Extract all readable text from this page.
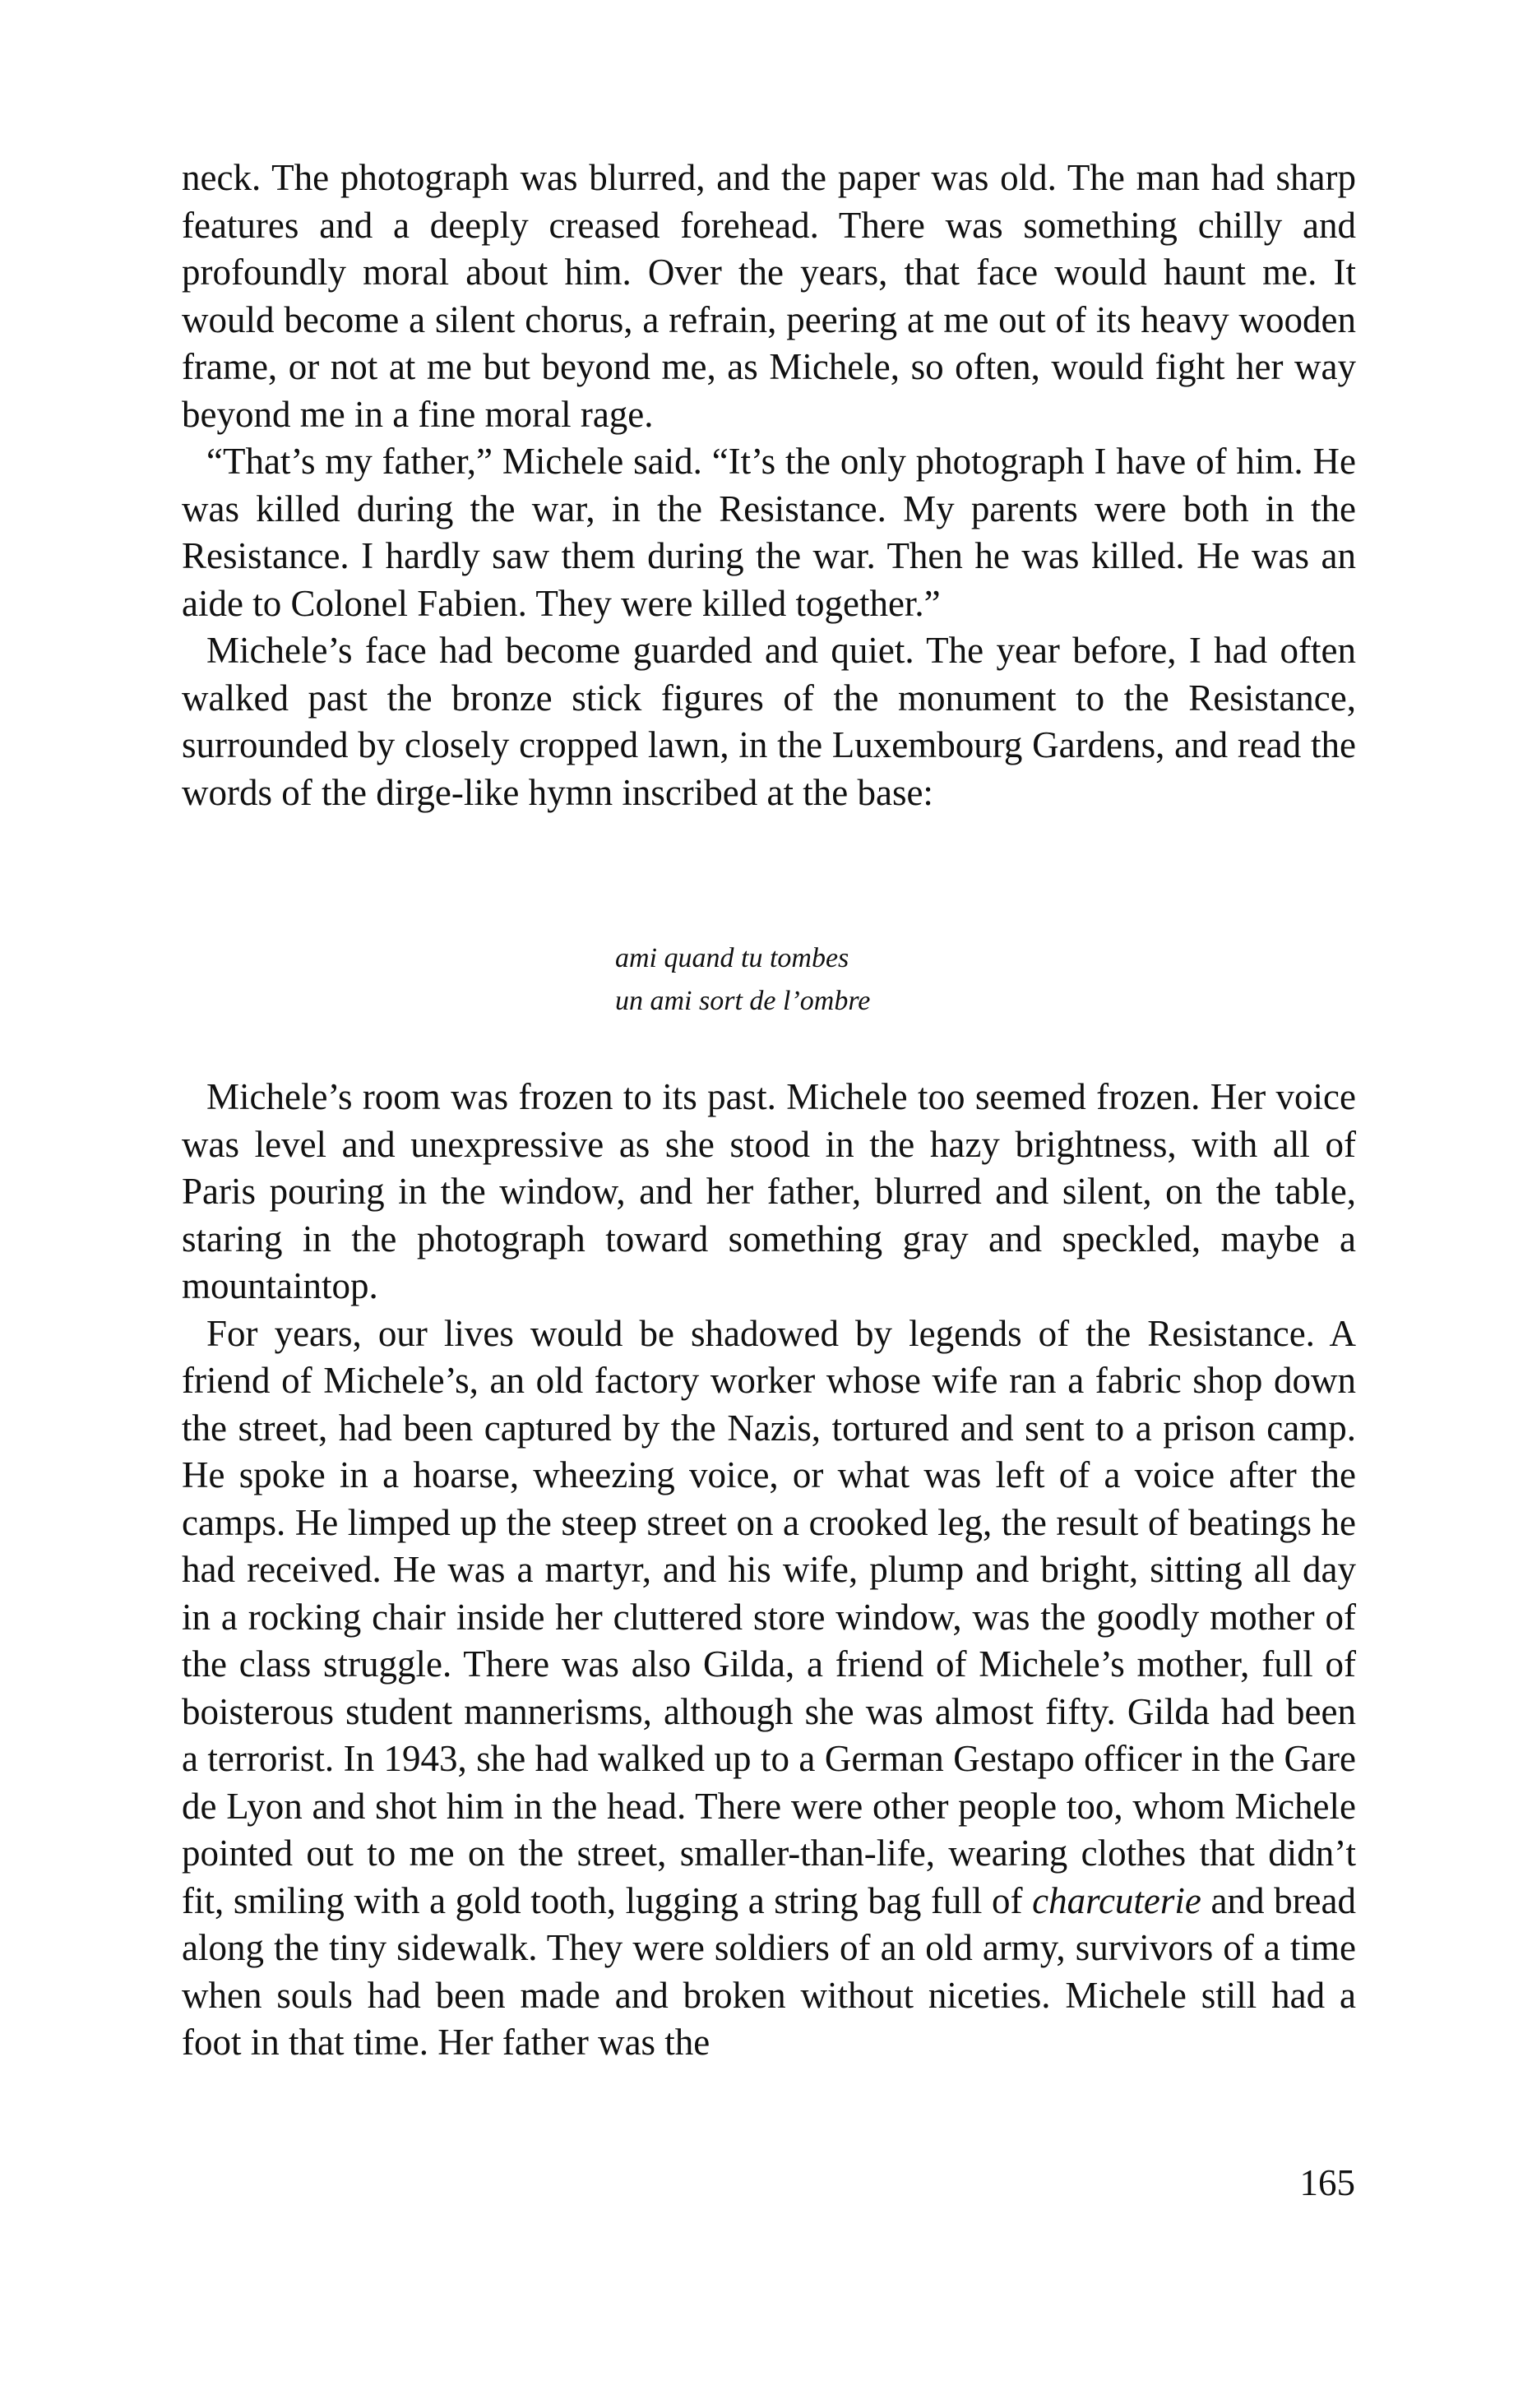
neck. The photograph was blurred, and the paper was old. The man had sharp features and a deeply creased forehead. There was something chilly and profoundly moral about him. Over the years, that face would haunt me. It would become a silent chorus, a refrain, peering at me out of its heavy wooden frame, or not at me but beyond me, as Michele, so often, would fight her way beyond me in a fine moral rage.

“That’s my father,” Michele said. “It’s the only photograph I have of him. He was killed during the war, in the Resistance. My parents were both in the Resistance. I hardly saw them during the war. Then he was killed. He was an aide to Colonel Fabien. They were killed together.”

Michele’s face had become guarded and quiet. The year before, I had often walked past the bronze stick figures of the monument to the Resistance, surrounded by closely cropped lawn, in the Luxembourg Gardens, and read the words of the dirge-like hymn inscribed at the base:

ami quand tu tombes
un ami sort de l’ombre

Michele’s room was frozen to its past. Michele too seemed frozen. Her voice was level and unexpressive as she stood in the hazy brightness, with all of Paris pouring in the window, and her father, blurred and silent, on the table, staring in the photograph toward something gray and speckled, maybe a mountaintop.

For years, our lives would be shadowed by legends of the Resistance. A friend of Michele’s, an old factory worker whose wife ran a fabric shop down the street, had been captured by the Nazis, tortured and sent to a prison camp. He spoke in a hoarse, wheezing voice, or what was left of a voice after the camps. He limped up the steep street on a crooked leg, the result of beatings he had received. He was a martyr, and his wife, plump and bright, sitting all day in a rocking chair inside her cluttered store window, was the goodly mother of the class struggle. There was also Gilda, a friend of Michele’s mother, full of boisterous student mannerisms, although she was almost fifty. Gilda had been a terrorist. In 1943, she had walked up to a German Gestapo officer in the Gare de Lyon and shot him in the head. There were other people too, whom Michele pointed out to me on the street, smaller-than-life, wearing clothes that didn’t fit, smiling with a gold tooth, lugging a string bag full of charcuterie and bread along the tiny sidewalk. They were soldiers of an old army, survivors of a time when souls had been made and broken without niceties. Michele still had a foot in that time. Her father was the

165
